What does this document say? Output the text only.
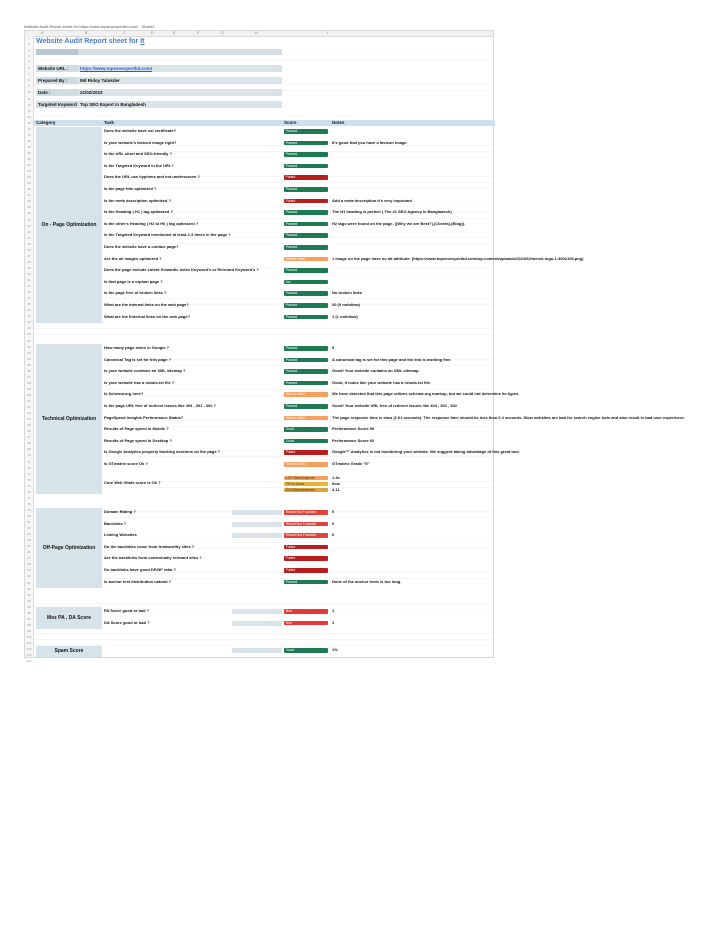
Website Audit Report sheet for https://www.topseoexpertbd.com/ - Sheet1
A	B	C	D	E	F	G	H	I
1
2
3
4
5
6
7
8
9
10
11
12
13
14
15
16
17
18
19
20
21
22
23
24
25
26
27
28
29
30
31
32
33
34
35
36
37
38
39
40
41
42
43
44
45
46
47
48
49
50
51
52
53
54
55
56
57
58
59
60
61
62
63
64
65
66
67
68
69
70
71
72
73
74
75
76
77
78
79
80
81
82
83
84
85
86
87
88
89
90
91
92
93
94
95
96
97
98
99
100
101
102
103
104
Website Audit Report sheet for It
Website URL :	https://www.topseoexpertbd.com/
Prepared By :	Md Ridoy Talukder
Date :	21/02/2023
Targeted Keyword Top SEO Expert in Bangladesh
Category	Task	Score	Notes
On - Page Optimization
Does the website have ssl certificate?	Passed
Is your website's favicon image right?	Passed	It's good that you have a favicon image.
Is the URL short and SEO-friendly ?	Passed
Is the Targeted Keyword in the URL?	Passed
Does the URL use hyphens and not underscores ?	Failed
Is the page title optimized ?	Passed
Is the meta description optimized ?	Failed	Add a meta description.it's very important
Is the Heading ( H1 ) tag optimized ?	Passed	The H1 heading is perfect ( The #1 SEO Agency in Bangladesh)
Is the other's Heading ( H2 to H6 ) tag optimized ?	Passed	H2 tags were found on the page. ((Why we are Best?),(Clients),(Blog)).
Is the Targeted Keyword mentioned at least 2-3 times in the page ?	Passed
Does the website have a contact page?	Passed
Are the all images optimized ?	Need's Work	1 image on the page have no alt attribute. (https://www.topseoexpertbd.com/wp-content/uploads/2023/02/merck-logo-1-300x105.png)
Does the page include Latent Semantic Index Keyword's or Relevant Keyword's ?	Passed
Is that page is a orphan page ?	No
Is the page free of broken links ?	Passed	No broken links
What are the Internal links on the web page?	Passed	20 (0 nofollow)
What are the External links on the web page?	Passed	1 (1 nofollow)
Technical Optimization
How many page index in Google ?	Passed	5
Canonical Tag is set for this page ?	Passed	A canonical tag is set for this page and the link is working fine.
Is your website contains an XML sitemap ?	Passed	Good! Your website contains an XML sitemap.
Is your website has a robots.txt file ?	Passed	Good, it looks like your website has a robots.txt file.
Is Schema.org here?	Need's Work	We have detected that this page utilizes schema.org markup, but we could not determine its types.
Is the page URL free of redirect issues like 404 , 301 , 302 ?	Passed	Good! Your website URL free of redirect issues like 404 , 301 , 302
PageSpeed Insights Performance Status?	Need's Work	The page response time is slow (1.01 seconds). The response time should be less than 0.4 seconds. Slow websites are bad for search engine bots and also result in bad user experience.
Results of Page speed in Mobile ?	Good	Performance Score 90
Results of Page speed in Desktop ?	Good	Performance Score 92
Is Google Analytics properly tracking sessions on the page ?	Failed	Google™ Analytics is not monitoring your website. We suggest taking advantage of this great tool.
Is GTmatrix score Ok ?	Need's Work	GTmatrix Grade "E"
Core Web Vitals score is Ok ?
LCP Need Improve	1.4s
FFI Is Good	0ms
CLS Need Improve	4.11
Off-Page Optimization
Domain Rating ?	Result Not Founded	0
Backlinks ?	Result Not Founded	0
Linking Websites	Result Not Founded	0
Do the backlinks come from trustworthy sites ?	Failed
Are the backlinks from contextually relevant sites ?	Failed
Do backlinks have good DF/NF ratio ?	Failed
Is anchor text distribution natural ?	Passed	None of the anchor texts is too long.
Moz PA , DA Score
PA Score good or bad ?	Bad	1
DA Score good or bad ?	Bad	1
Spam Score	Good	1%
